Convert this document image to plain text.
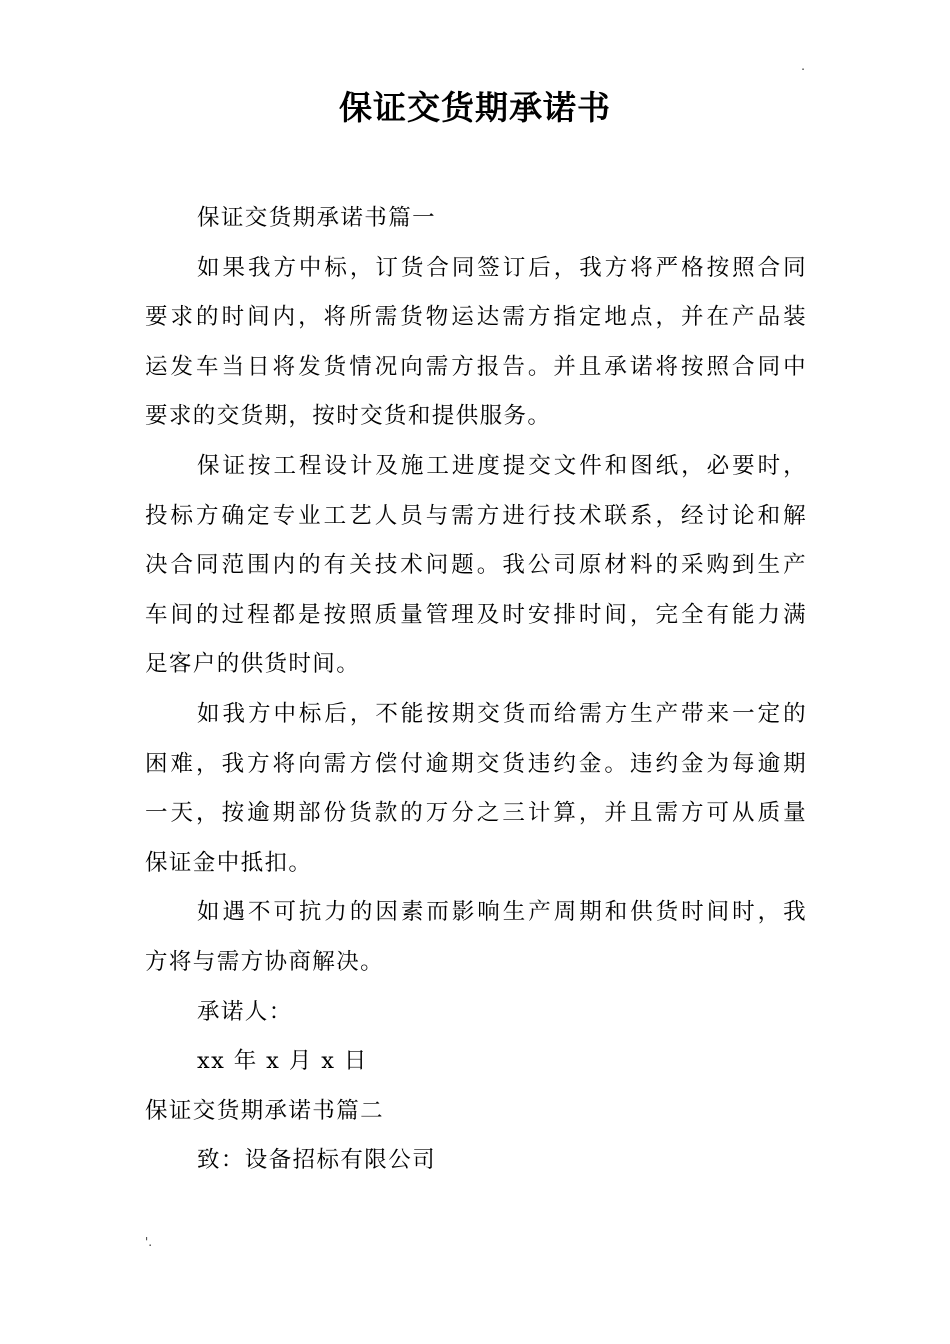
.
保证交货期承诺书
保证交货期承诺书篇一
如果我方中标，订货合同签订后，我方将严格按照合同
要求的时间内，将所需货物运达需方指定地点，并在产品装
运发车当日将发货情况向需方报告。并且承诺将按照合同中
要求的交货期，按时交货和提供服务。
保证按工程设计及施工进度提交文件和图纸，必要时，
投标方确定专业工艺人员与需方进行技术联系，经讨论和解
决合同范围内的有关技术问题。我公司原材料的采购到生产
车间的过程都是按照质量管理及时安排时间，完全有能力满
足客户的供货时间。
如我方中标后，不能按期交货而给需方生产带来一定的
困难，我方将向需方偿付逾期交货违约金。违约金为每逾期
一天，按逾期部份货款的万分之三计算，并且需方可从质量
保证金中抵扣。
如遇不可抗力的因素而影响生产周期和供货时间时，我
方将与需方协商解决。
承诺人：
xx 年 x 月 x 日
保证交货期承诺书篇二
致：设备招标有限公司
'.
